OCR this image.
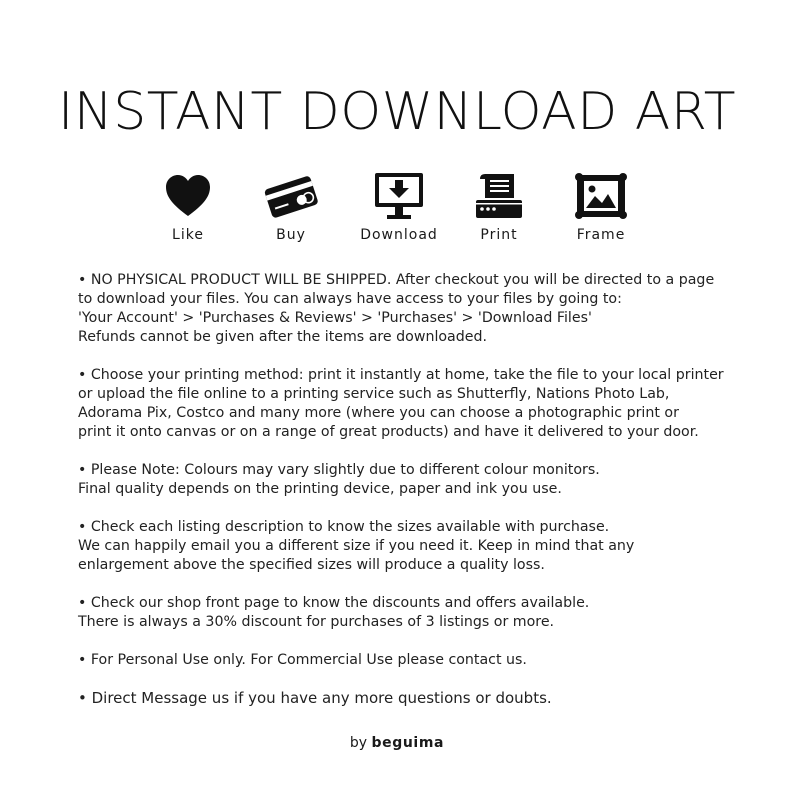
INSTANT DOWNLOAD ART
Like	Buy	Download	Print	Frame

• NO PHYSICAL PRODUCT WILL BE SHIPPED. After checkout you will be directed to a page
to download your files. You can always have access to your files by going to:
'Your Account' > 'Purchases & Reviews' > 'Purchases' > 'Download Files'
Refunds cannot be given after the items are downloaded.

• Choose your printing method: print it instantly at home, take the file to your local printer
or upload the file online to a printing service such as Shutterfly, Nations Photo Lab,
Adorama Pix, Costco and many more (where you can choose a photographic print or
print it onto canvas or on a range of great products) and have it delivered to your door.

• Please Note: Colours may vary slightly due to different colour monitors.
Final quality depends on the printing device, paper and ink you use.

• Check each listing description to know the sizes available with purchase.
We can happily email you a different size if you need it. Keep in mind that any
enlargement above the specified sizes will produce a quality loss.

• Check our shop front page to know the discounts and offers available.
There is always a 30% discount for purchases of 3 listings or more.

• For Personal Use only. For Commercial Use please contact us.

• Direct Message us if you have any more questions or doubts.

by beguima
